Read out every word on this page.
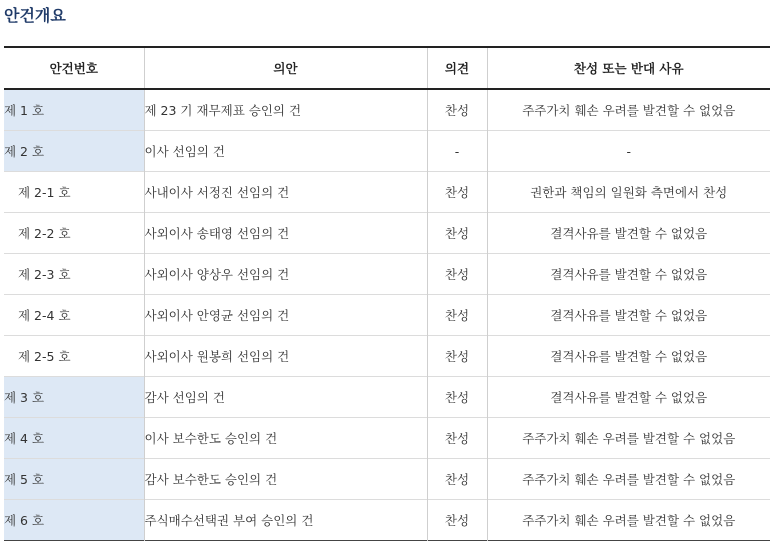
안건개요
안건번호	의안	의견	찬성 또는 반대 사유
제 1 호	제 23 기 재무제표 승인의 건	찬성	주주가치 훼손 우려를 발견할 수 없었음
제 2 호	이사 선임의 건	-	-
제 2-1 호	사내이사 서정진 선임의 건	찬성	권한과 책임의 일원화 측면에서 찬성
제 2-2 호	사외이사 송태영 선임의 건	찬성	결격사유를 발견할 수 없었음
제 2-3 호	사외이사 양상우 선임의 건	찬성	결격사유를 발견할 수 없었음
제 2-4 호	사외이사 안영균 선임의 건	찬성	결격사유를 발견할 수 없었음
제 2-5 호	사외이사 원봉희 선임의 건	찬성	결격사유를 발견할 수 없었음
제 3 호	감사 선임의 건	찬성	결격사유를 발견할 수 없었음
제 4 호	이사 보수한도 승인의 건	찬성	주주가치 훼손 우려를 발견할 수 없었음
제 5 호	감사 보수한도 승인의 건	찬성	주주가치 훼손 우려를 발견할 수 없었음
제 6 호	주식매수선택권 부여 승인의 건	찬성	주주가치 훼손 우려를 발견할 수 없었음
